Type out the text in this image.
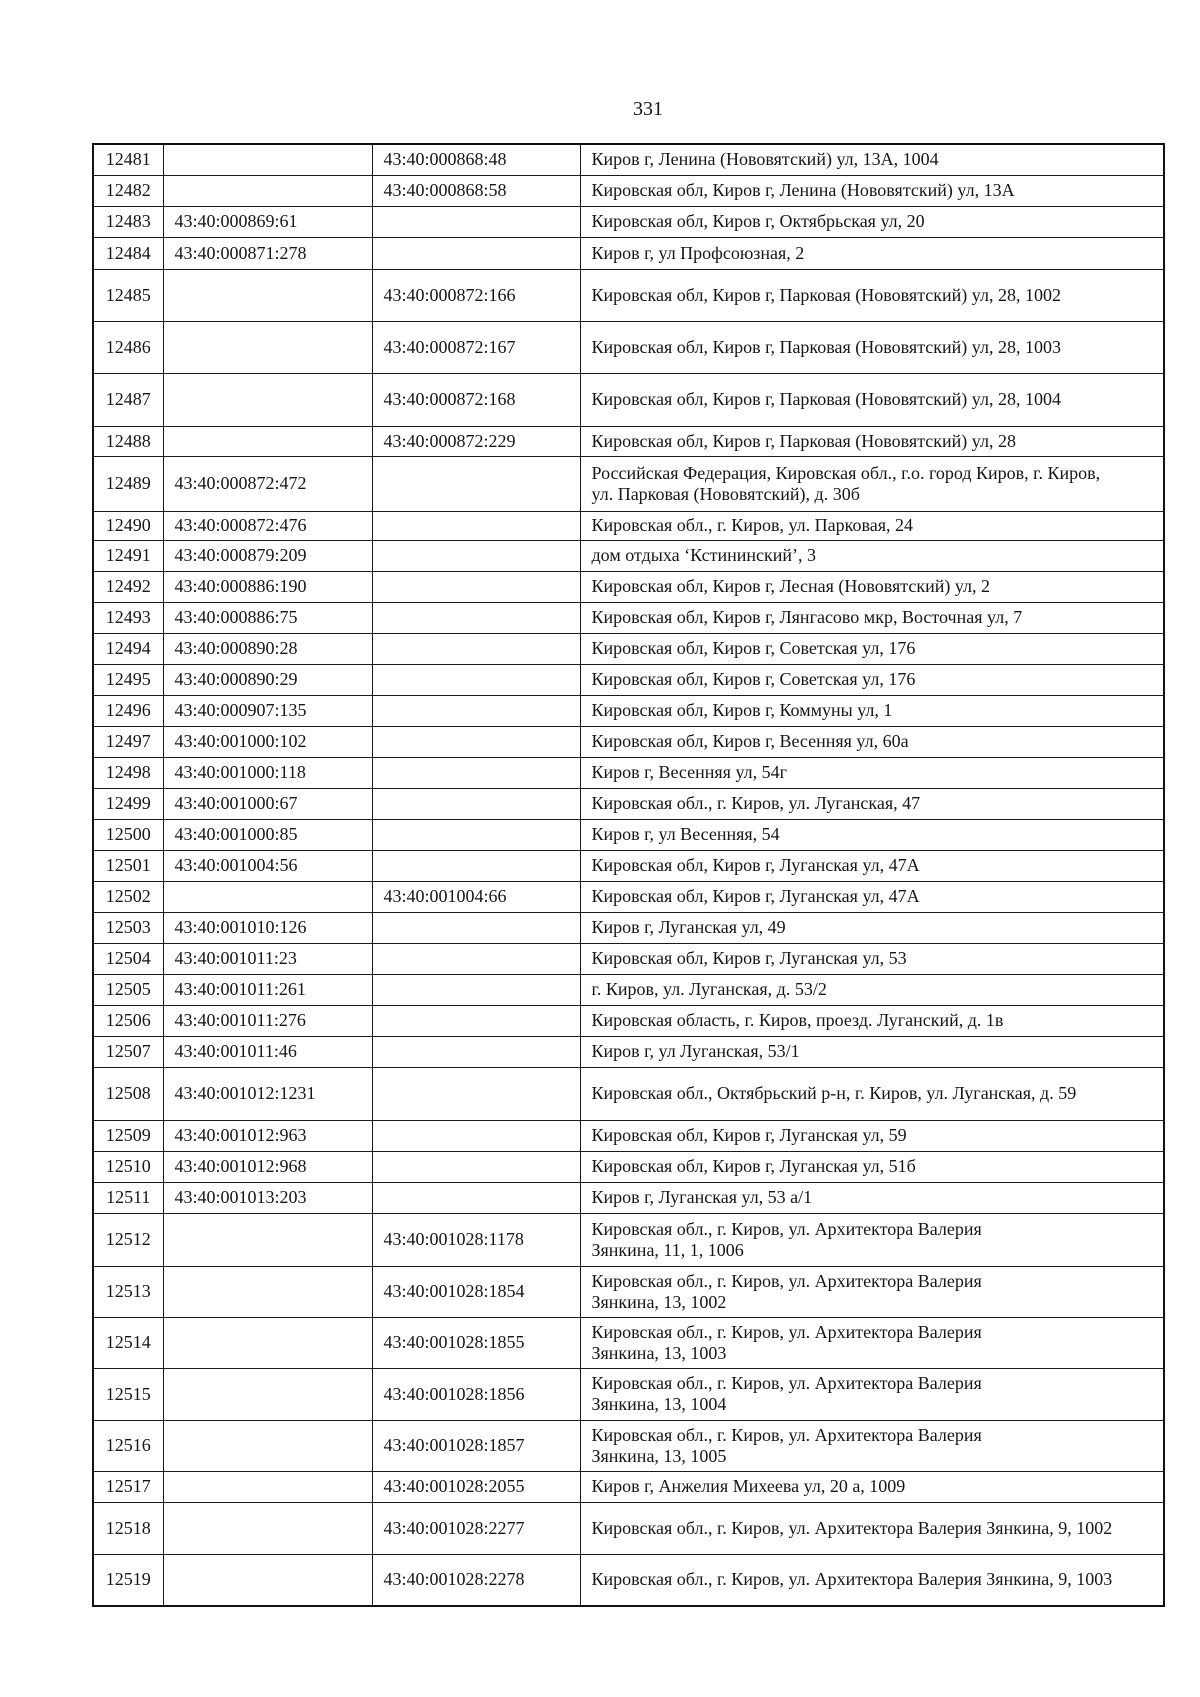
331
12481		43:40:000868:48	Киров г, Ленина (Нововятский) ул, 13А, 1004

12482		43:40:000868:58	Кировская обл, Киров г, Ленина (Нововятский) ул, 13А

12483	43:40:000869:61		Кировская обл, Киров г, Октябрьская ул, 20

12484	43:40:000871:278		Киров г, ул Профсоюзная, 2

12485		43:40:000872:166	Кировская обл, Киров г, Парковая (Нововятский) ул, 28, 1002

12486		43:40:000872:167	Кировская обл, Киров г, Парковая (Нововятский) ул, 28, 1003

12487		43:40:000872:168	Кировская обл, Киров г, Парковая (Нововятский) ул, 28, 1004

12488		43:40:000872:229	Кировская обл, Киров г, Парковая (Нововятский) ул, 28

12489	43:40:000872:472		Российская Федерация, Кировская обл., г.о. город Киров, г. Киров,
ул. Парковая (Нововятский), д. 30б

12490	43:40:000872:476		Кировская обл., г. Киров, ул. Парковая, 24

12491	43:40:000879:209		дом отдыха ‘Кстининский’, 3

12492	43:40:000886:190		Кировская обл, Киров г, Лесная (Нововятский) ул, 2

12493	43:40:000886:75		Кировская обл, Киров г, Лянгасово мкр, Восточная ул, 7

12494	43:40:000890:28		Кировская обл, Киров г, Советская ул, 176

12495	43:40:000890:29		Кировская обл, Киров г, Советская ул, 176

12496	43:40:000907:135		Кировская обл, Киров г, Коммуны ул, 1

12497	43:40:001000:102		Кировская обл, Киров г, Весенняя ул, 60а

12498	43:40:001000:118		Киров г, Весенняя ул, 54г

12499	43:40:001000:67		Кировская обл., г. Киров, ул. Луганская, 47

12500	43:40:001000:85		Киров г, ул Весенняя, 54

12501	43:40:001004:56		Кировская обл, Киров г, Луганская ул, 47А

12502		43:40:001004:66	Кировская обл, Киров г, Луганская ул, 47А

12503	43:40:001010:126		Киров г, Луганская ул, 49

12504	43:40:001011:23		Кировская обл, Киров г, Луганская ул, 53

12505	43:40:001011:261		г. Киров, ул. Луганская, д. 53/2

12506	43:40:001011:276		Кировская область, г. Киров, проезд. Луганский, д. 1в

12507	43:40:001011:46		Киров г, ул Луганская, 53/1

12508	43:40:001012:1231		Кировская обл., Октябрьский р-н, г. Киров, ул. Луганская, д. 59

12509	43:40:001012:963		Кировская обл, Киров г, Луганская ул, 59

12510	43:40:001012:968		Кировская обл, Киров г, Луганская ул, 51б

12511	43:40:001013:203		Киров г, Луганская ул, 53 а/1

12512		43:40:001028:1178	Кировская обл., г. Киров, ул. Архитектора Валерия
Зянкина, 11, 1, 1006

12513		43:40:001028:1854	Кировская обл., г. Киров, ул. Архитектора Валерия
Зянкина, 13, 1002

12514		43:40:001028:1855	Кировская обл., г. Киров, ул. Архитектора Валерия
Зянкина, 13, 1003

12515		43:40:001028:1856	Кировская обл., г. Киров, ул. Архитектора Валерия
Зянкина, 13, 1004

12516		43:40:001028:1857	Кировская обл., г. Киров, ул. Архитектора Валерия
Зянкина, 13, 1005

12517		43:40:001028:2055	Киров г, Анжелия Михеева ул, 20 а, 1009

12518		43:40:001028:2277	Кировская обл., г. Киров, ул. Архитектора Валерия Зянкина, 9, 1002

12519		43:40:001028:2278	Кировская обл., г. Киров, ул. Архитектора Валерия Зянкина, 9, 1003
